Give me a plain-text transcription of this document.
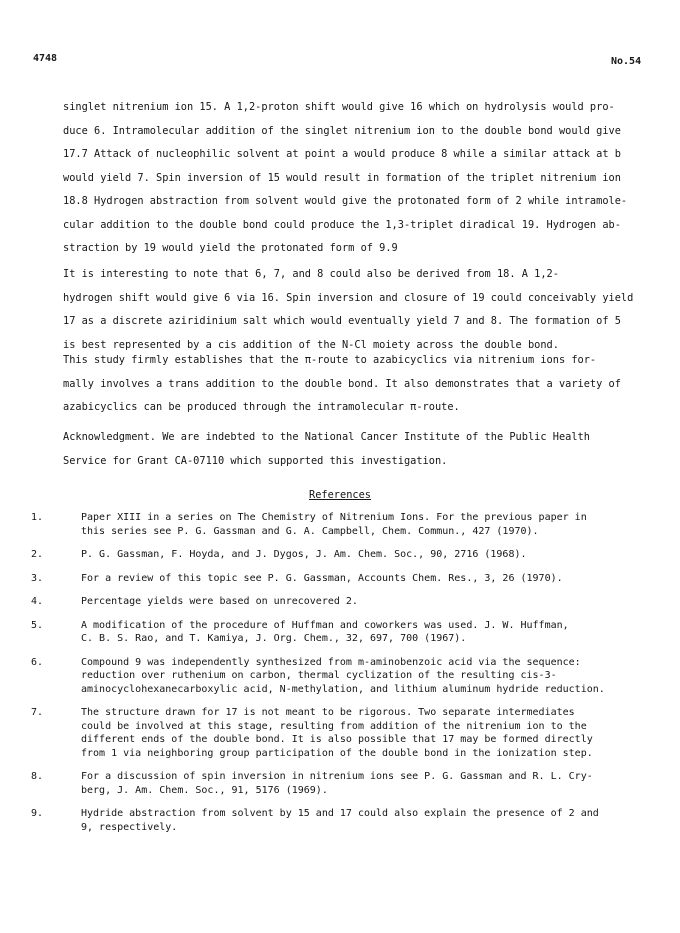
4748	No.54
singlet nitrenium ion 15. A 1,2-proton shift would give 16 which on hydrolysis would pro-
duce 6. Intramolecular addition of the singlet nitrenium ion to the double bond would give
17.7 Attack of nucleophilic solvent at point a would produce 8 while a similar attack at b
would yield 7. Spin inversion of 15 would result in formation of the triplet nitrenium ion
18.8 Hydrogen abstraction from solvent would give the protonated form of 2 while intramole-
cular addition to the double bond could produce the 1,3-triplet diradical 19. Hydrogen ab-
straction by 19 would yield the protonated form of 9.9
It is interesting to note that 6, 7, and 8 could also be derived from 18. A 1,2-
hydrogen shift would give 6 via 16. Spin inversion and closure of 19 could conceivably yield
17 as a discrete aziridinium salt which would eventually yield 7 and 8. The formation of 5
is best represented by a cis addition of the N-Cl moiety across the double bond.
This study firmly establishes that the π-route to azabicyclics via nitrenium ions for-
mally involves a trans addition to the double bond. It also demonstrates that a variety of
azabicyclics can be produced through the intramolecular π-route.
Acknowledgment. We are indebted to the National Cancer Institute of the Public Health
Service for Grant CA-07110 which supported this investigation.
References
1.	Paper XIII in a series on The Chemistry of Nitrenium Ions. For the previous paper in
this series see P. G. Gassman and G. A. Campbell, Chem. Commun., 427 (1970).
2.	P. G. Gassman, F. Hoyda, and J. Dygos, J. Am. Chem. Soc., 90, 2716 (1968).
3.	For a review of this topic see P. G. Gassman, Accounts Chem. Res., 3, 26 (1970).
4.	Percentage yields were based on unrecovered 2.
5.	A modification of the procedure of Huffman and coworkers was used. J. W. Huffman,
C. B. S. Rao, and T. Kamiya, J. Org. Chem., 32, 697, 700 (1967).
6.	Compound 9 was independently synthesized from m-aminobenzoic acid via the sequence:
reduction over ruthenium on carbon, thermal cyclization of the resulting cis-3-
aminocyclohexanecarboxylic acid, N-methylation, and lithium aluminum hydride reduction.
7.	The structure drawn for 17 is not meant to be rigorous. Two separate intermediates
could be involved at this stage, resulting from addition of the nitrenium ion to the
different ends of the double bond. It is also possible that 17 may be formed directly
from 1 via neighboring group participation of the double bond in the ionization step.
8.	For a discussion of spin inversion in nitrenium ions see P. G. Gassman and R. L. Cry-
berg, J. Am. Chem. Soc., 91, 5176 (1969).
9.	Hydride abstraction from solvent by 15 and 17 could also explain the presence of 2 and
9, respectively.
